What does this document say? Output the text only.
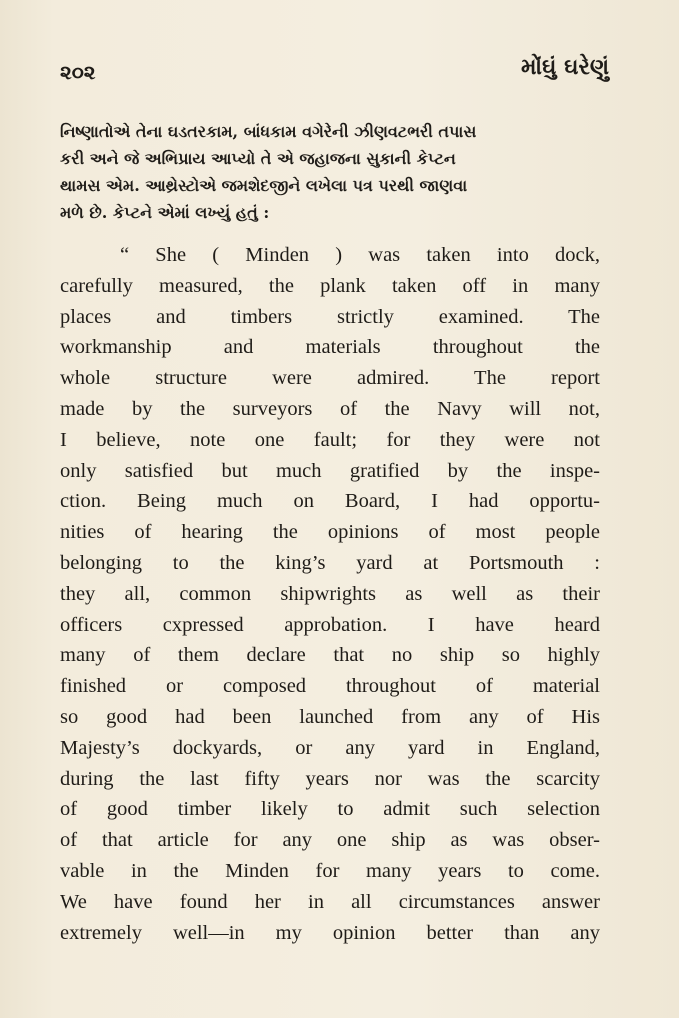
૨૦૨	મોંઘું ઘરેણું
નિષ્ણાતોએ તેના ઘડતરકામ, બાંધકામ વગેરેની ઝીણવટભરી તપાસ
કરી અને જે અભિપ્રાય આપ્યો તે એ જહાજના સુકાની કેપ્ટન
થામસ એમ. આથ્રેસ્ટોએ જમશેદજીને લખેલા પત્ર પરથી જાણવા
મળે છે. કેપ્ટને એમાં લખ્યું હતું :
“ She ( Minden ) was taken into dock,
carefully measured, the plank taken off in many
places and timbers strictly examined. The
workmanship and materials throughout the
whole structure were admired. The report
made by the surveyors of the Navy will not,
I believe, note one fault; for they were not
only satisfied but much gratified by the inspe-
ction. Being much on Board, I had opportu-
nities of hearing the opinions of most people
belonging to the king’s yard at Portsmouth :
they all, common shipwrights as well as their
officers cxpressed approbation. I have heard
many of them declare that no ship so highly
finished or composed throughout of material
so good had been launched from any of His
Majesty’s dockyards, or any yard in England,
during the last fifty years nor was the scarcity
of good timber likely to admit such selection
of that article for any one ship as was obser-
vable in the Minden for many years to come.
We have found her in all circumstances answer
extremely well—in my opinion better than any
